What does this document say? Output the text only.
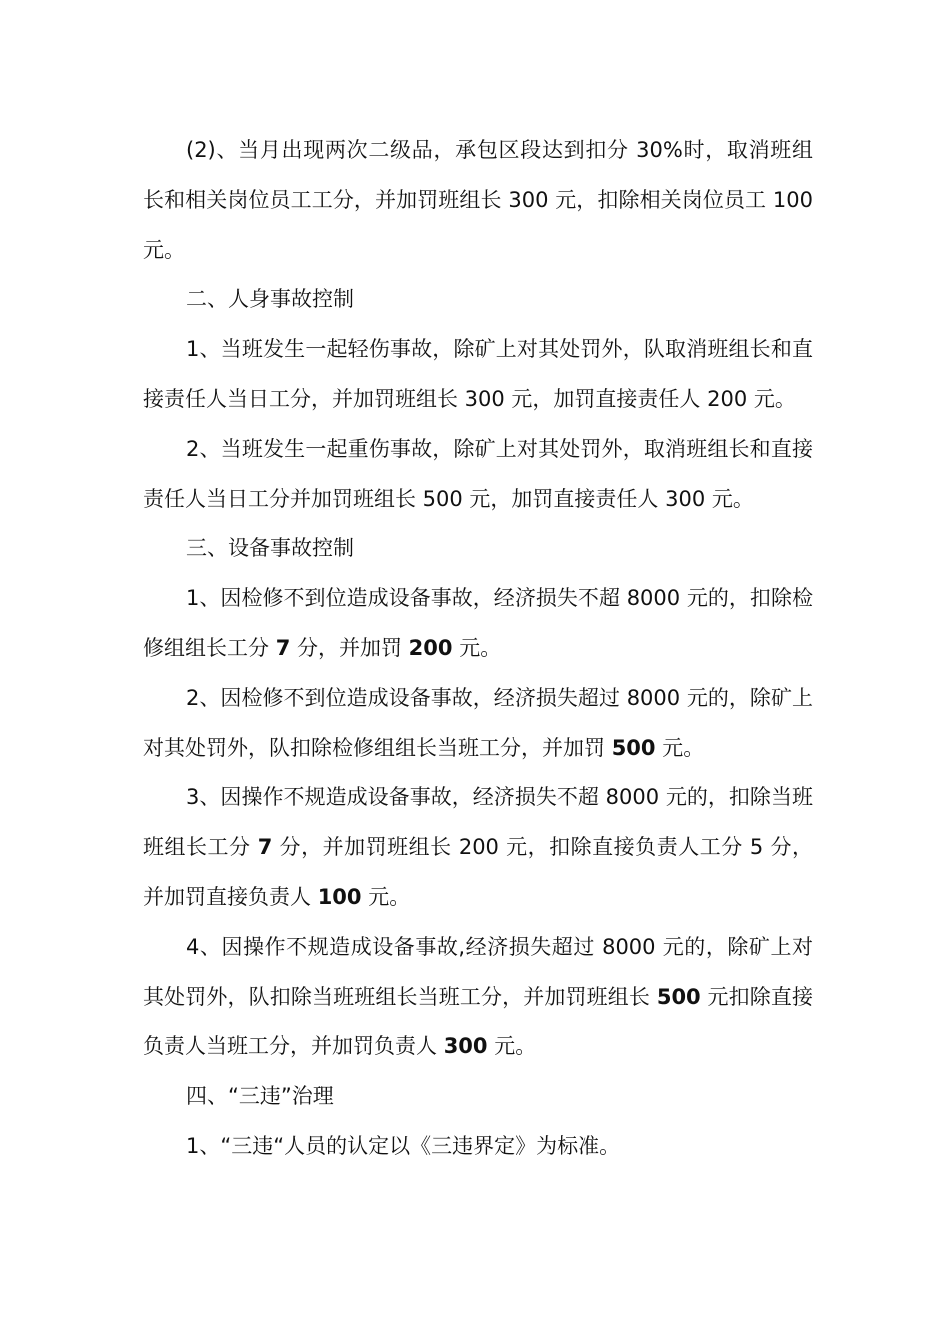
(2)、当月出现两次二级品，承包区段达到扣分 30%时，取消班组长和相关岗位员工工分，并加罚班组长 300 元，扣除相关岗位员工 100 元。

二、人身事故控制

1、当班发生一起轻伤事故，除矿上对其处罚外，队取消班组长和直接责任人当日工分，并加罚班组长 300 元，加罚直接责任人 200 元。

2、当班发生一起重伤事故，除矿上对其处罚外，取消班组长和直接责任人当日工分并加罚班组长 500 元，加罚直接责任人 300 元。

三、设备事故控制

1、因检修不到位造成设备事故，经济损失不超 8000 元的，扣除检修组组长工分 7 分，并加罚 200 元。

2、因检修不到位造成设备事故，经济损失超过 8000 元的，除矿上对其处罚外，队扣除检修组组长当班工分，并加罚 500 元。

3、因操作不规造成设备事故，经济损失不超 8000 元的，扣除当班班组长工分 7 分，并加罚班组长 200 元，扣除直接负责人工分 5 分，并加罚直接负责人 100 元。

4、因操作不规造成设备事故,经济损失超过 8000 元的，除矿上对其处罚外，队扣除当班班组长当班工分，并加罚班组长 500 元扣除直接负责人当班工分，并加罚负责人 300 元。

四、“三违”治理

1、“三违“人员的认定以《三违界定》为标准。
